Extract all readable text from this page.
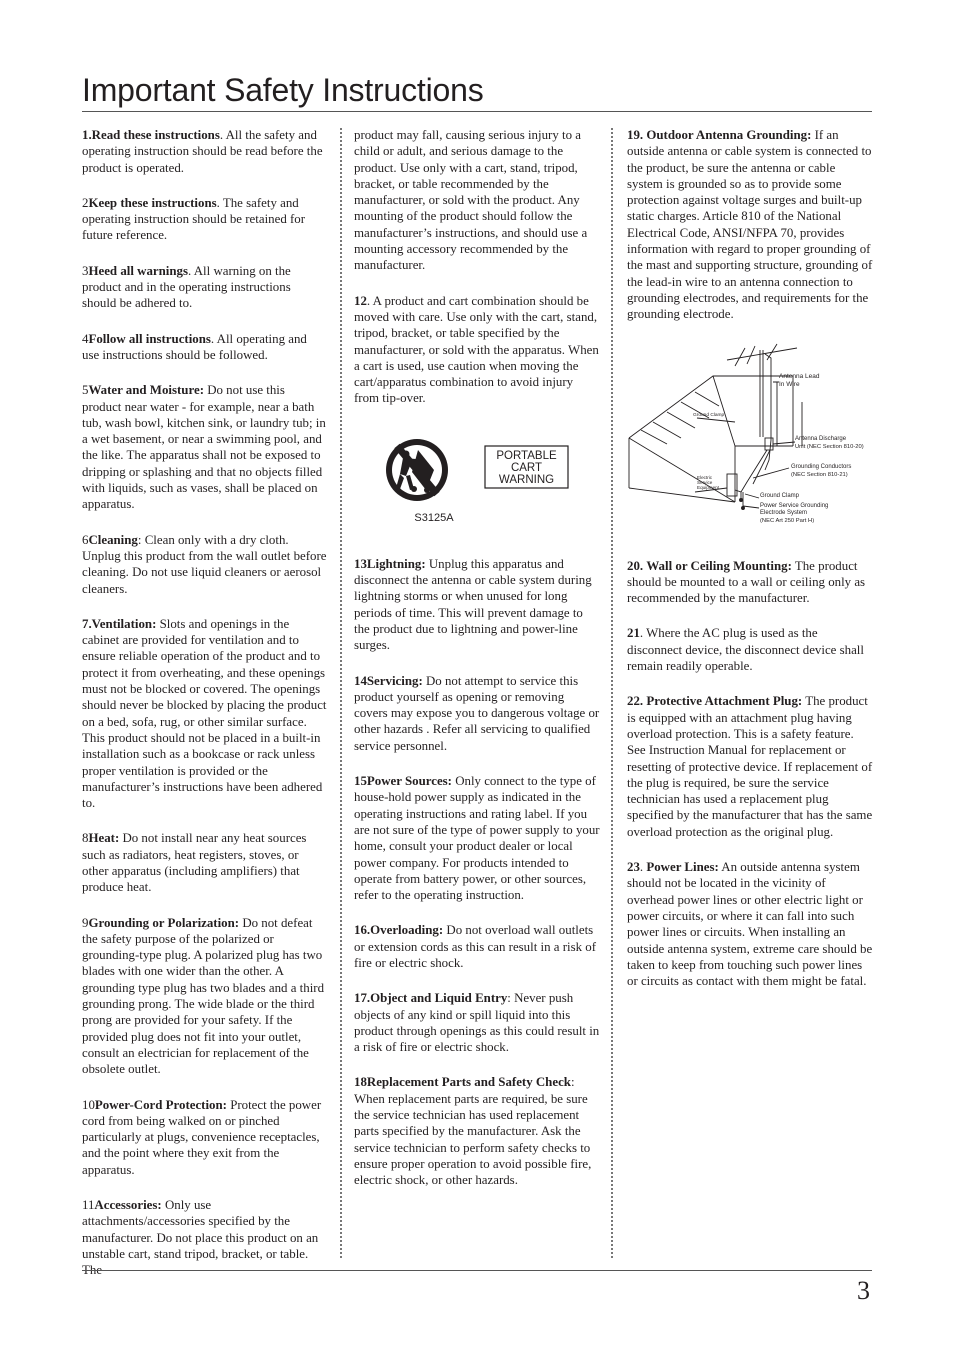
Important Safety Instructions

1.Read these instructions. All the safety and operating instruction should be read before the product is operated.

2Keep these instructions. The safety and operating instruction should be retained for future reference.

3Heed all warnings. All warning on the product and in the operating instructions should be adhered to.

4Follow all instructions. All operating and use instructions should be followed.

5Water and Moisture: Do not use this product near water - for example, near a bath tub, wash bowl, kitchen sink, or laundry tub; in a wet basement, or near a swimming pool, and the like. The apparatus shall not be exposed to dripping or splashing and that no objects filled with liquids, such as vases, shall be placed on apparatus.

6Cleaning: Clean only with a dry cloth. Unplug this product from the wall outlet before cleaning. Do not use liquid cleaners or aerosol cleaners.

7.Ventilation: Slots and openings in the cabinet are provided for ventilation and to ensure reliable operation of the product and to protect it from overheating, and these openings must not be blocked or covered. The openings should never be blocked by placing the product on a bed, sofa, rug, or other similar surface. This product should not be placed in a built-in installation such as a bookcase or rack unless proper ventilation is provided or the manufacturer’s instructions have been adhered to.

8Heat: Do not install near any heat sources such as radiators, heat registers, stoves, or other apparatus (including amplifiers) that produce heat.

9Grounding or Polarization: Do not defeat the safety purpose of the polarized or grounding-type plug. A polarized plug has two blades with one wider than the other. A grounding type plug has two blades and a third grounding prong. The wide blade or the third prong are provided for your safety. If the provided plug does not fit into your outlet, consult an electrician for replacement of the obsolete outlet.

10Power-Cord Protection: Protect the power cord from being walked on or pinched particularly at plugs, convenience receptacles, and the point where they exit from the apparatus.

11Accessories: Only use attachments/accessories specified by the manufacturer. Do not place this product on an unstable cart, stand tripod, bracket, or table. The

product may fall, causing serious injury to a child or adult, and serious damage to the product. Use only with a cart, stand, tripod, bracket, or table recommended by the manufacturer, or sold with the product. Any mounting of the product should follow the manufacturer’s instructions, and should use a mounting accessory recommended by the manufacturer.

12. A product and cart combination should be moved with care. Use only with the cart, stand, tripod, bracket, or table specified by the manufacturer, or sold with the apparatus. When a cart is used, use caution when moving the cart/apparatus combination to avoid injury from tip-over.

PORTABLE
CART
WARNING
S3125A

13Lightning: Unplug this apparatus and disconnect the antenna or cable system during lightning storms or when unused for long periods of time. This will prevent damage to the product due to lightning and power-line surges.

14Servicing: Do not attempt to service this product yourself as opening or removing covers may expose you to dangerous voltage or other hazards . Refer all servicing to qualified service personnel.

15Power Sources: Only connect to the type of house-hold power supply as indicated in the operating instructions and rating label. If you are not sure of the type of power supply to your home, consult your product dealer or local power company. For products intended to operate from battery power, or other sources, refer to the operating instruction.

16.Overloading: Do not overload wall outlets or extension cords as this can result in a risk of fire or electric shock.

17.Object and Liquid Entry: Never push objects of any kind or spill liquid into this product through openings as this could result in a risk of fire or electric shock.

18Replacement Parts and Safety Check: When replacement parts are required, be sure the service technician has used replacement parts specified by the manufacturer. Ask the service technician to perform safety checks to ensure proper operation to avoid possible fire, electric shock, or other hazards.

19. Outdoor Antenna Grounding: If an outside antenna or cable system is connected to the product, be sure the antenna or cable system is grounded so as to provide some protection against voltage surges and built-up static charges. Article 810 of the National Electrical Code, ANSI/NFPA 70, provides information with regard to proper grounding of the mast and supporting structure, grounding of the lead-in wire to an antenna connection to grounding electrodes, and requirements for the grounding electrode.

Antenna Lead
In Wire
Ground Clamp
Antenna Discharge
Unit (NEC Section 810-20)
Electric
Service
Equipment
Grounding Conductors
(NEC Section 810-21)
Ground Clamp
Power Service Grounding
Electrode System
(NEC Art 250 Part H)

20. Wall or Ceiling Mounting: The product should be mounted to a wall or ceiling only as recommended by the manufacturer.

21. Where the AC plug is used as the disconnect device, the disconnect device shall remain readily operable.

22. Protective Attachment Plug: The product is equipped with an attachment plug having overload protection. This is a safety feature. See Instruction Manual for replacement or resetting of protective device. If replacement of the plug is required, be sure the service technician has used a replacement plug specified by the manufacturer that has the same overload protection as the original plug.

23. Power Lines: An outside antenna system should not be located in the vicinity of overhead power lines or other electric light or power circuits, or where it can fall into such power lines or circuits. When installing an outside antenna system, extreme care should be taken to keep from touching such power lines or circuits as contact with them might be fatal.

3
